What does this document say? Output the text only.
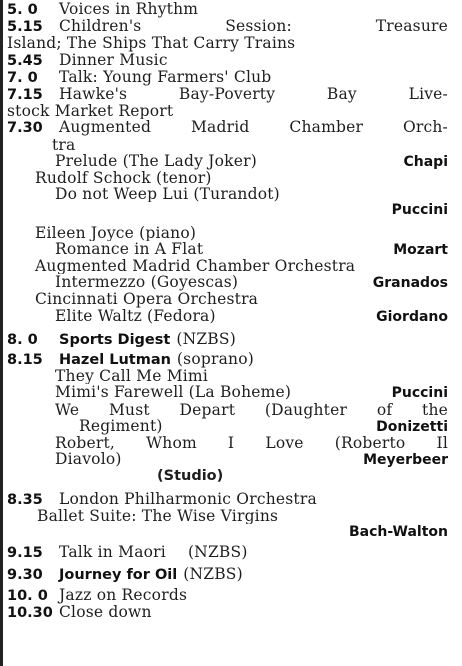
5. 0	Voices in Rhythm
5.15	Children's Session: Treasure
Island; The Ships That Carry Trains
5.45	Dinner Music
7. 0	Talk: Young Farmers' Club
7.15	Hawke's Bay-Poverty Bay Live-
stock Market Report
7.30	Augmented Madrid Chamber Orch-
tra
Prelude (The Lady Joker)	Chapi
Rudolf Schock (tenor)
Do not Weep Lui (Turandot)
Puccini
Eileen Joyce (piano)
Romance in A Flat	Mozart
Augmented Madrid Chamber Orchestra
Intermezzo (Goyescas)	Granados
Cincinnati Opera Orchestra
Elite Waltz (Fedora)	Giordano
8. 0	Sports Digest (NZBS)
8.15	Hazel Lutman (soprano)
They Call Me Mimi
Mimi's Farewell (La Boheme)	Puccini
We Must Depart (Daughter of the
Regiment)	Donizetti
Robert, Whom I Love (Roberto Il
Diavolo)	Meyerbeer
(Studio)
8.35	London Philharmonic Orchestra
Ballet Suite: The Wise Virgins
Bach-Walton
9.15	Talk in Maori	(NZBS)
9.30	Journey for Oil (NZBS)
10. 0 Jazz on Records
10.30 Close down
